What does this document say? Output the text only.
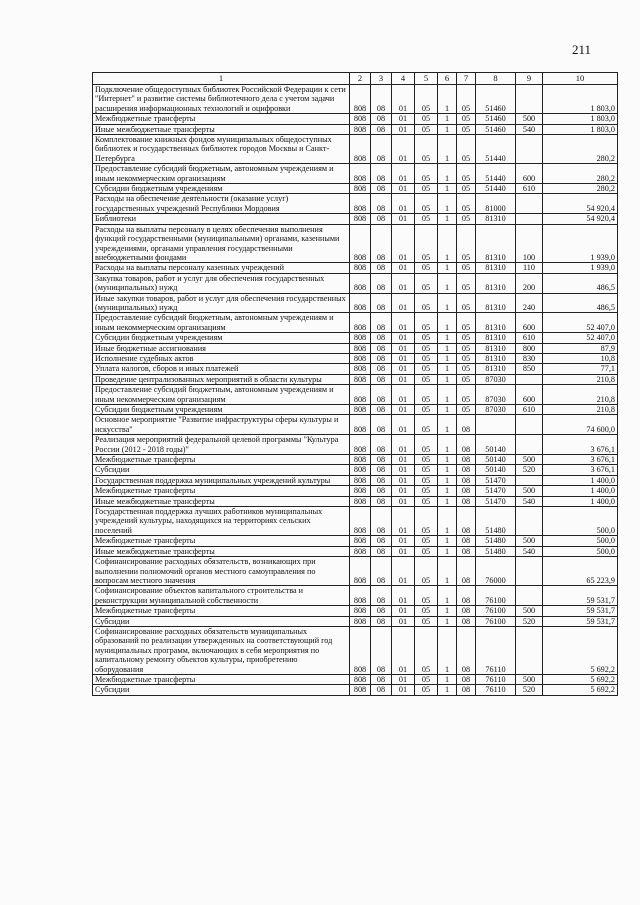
211
1	2	3	4	5	6	7	8	9	10
Подключение общедоступных библиотек Российской Федерации к сети "Интернет" и развитие системы библиотечного дела с учетом задачи расширения информационных технологий и оцифровки	808	08	01	05	1	05	51460		1 803,0
Межбюджетные трансферты	808	08	01	05	1	05	51460	500	1 803,0
Иные межбюджетные трансферты	808	08	01	05	1	05	51460	540	1 803,0
Комплектование книжных фондов муниципальных общедоступных библиотек и государственных библиотек городов Москвы и Санкт-Петербурга	808	08	01	05	1	05	51440		280,2
Предоставление субсидий бюджетным, автономным учреждениям и иным некоммерческим организациям	808	08	01	05	1	05	51440	600	280,2
Субсидии бюджетным учреждениям	808	08	01	05	1	05	51440	610	280,2
Расходы на обеспечение деятельности (оказание услуг) государственных учреждений Республики Мордовия	808	08	01	05	1	05	81000		54 920,4
Библиотеки	808	08	01	05	1	05	81310		54 920,4
Расходы на выплаты персоналу в целях обеспечения выполнения функций государственными (муниципальными) органами, казенными учреждениями, органами управления государственными внебюджетными фондами	808	08	01	05	1	05	81310	100	1 939,0
Расходы на выплаты персоналу казенных учреждений	808	08	01	05	1	05	81310	110	1 939,0
Закупка товаров, работ и услуг для обеспечения государственных (муниципальных) нужд	808	08	01	05	1	05	81310	200	486,5
Иные закупки товаров, работ и услуг для обеспечения государственных (муниципальных) нужд	808	08	01	05	1	05	81310	240	486,5
Предоставление субсидий бюджетным, автономным учреждениям и иным некоммерческим организациям	808	08	01	05	1	05	81310	600	52 407,0
Субсидии бюджетным учреждениям	808	08	01	05	1	05	81310	610	52 407,0
Иные бюджетные ассигнования	808	08	01	05	1	05	81310	800	87,9
Исполнение судебных актов	808	08	01	05	1	05	81310	830	10,8
Уплата налогов, сборов и иных платежей	808	08	01	05	1	05	81310	850	77,1
Проведение централизованных мероприятий в области культуры	808	08	01	05	1	05	87030		210,8
Предоставление субсидий бюджетным, автономным учреждениям и иным некоммерческим организациям	808	08	01	05	1	05	87030	600	210,8
Субсидии бюджетным учреждениям	808	08	01	05	1	05	87030	610	210,8
Основное мероприятие "Развитие инфраструктуры сферы культуры и искусства"	808	08	01	05	1	08			74 600,0
Реализация мероприятий федеральной целевой программы "Культура России (2012 - 2018 годы)"	808	08	01	05	1	08	50140		3 676,1
Межбюджетные трансферты	808	08	01	05	1	08	50140	500	3 676,1
Субсидии	808	08	01	05	1	08	50140	520	3 676,1
Государственная поддержка муниципальных учреждений культуры	808	08	01	05	1	08	51470		1 400,0
Межбюджетные трансферты	808	08	01	05	1	08	51470	500	1 400,0
Иные межбюджетные трансферты	808	08	01	05	1	08	51470	540	1 400,0
Государственная поддержка лучших работников муниципальных учреждений культуры, находящихся на территориях сельских поселений	808	08	01	05	1	08	51480		500,0
Межбюджетные трансферты	808	08	01	05	1	08	51480	500	500,0
Иные межбюджетные трансферты	808	08	01	05	1	08	51480	540	500,0
Софинансирование расходных обязательств, возникающих при выполнении полномочий органов местного самоуправления по вопросам местного значения	808	08	01	05	1	08	76000		65 223,9
Софинансирование объектов капитального строительства и реконструкции муниципальной собственности	808	08	01	05	1	08	76100		59 531,7
Межбюджетные трансферты	808	08	01	05	1	08	76100	500	59 531,7
Субсидии	808	08	01	05	1	08	76100	520	59 531,7
Софинансирование расходных обязательств муниципальных образований по реализации утвержденных на соответствующий год муниципальных программ, включающих в себя мероприятия по капитальному ремонту объектов культуры, приобретению оборудования	808	08	01	05	1	08	76110		5 692,2
Межбюджетные трансферты	808	08	01	05	1	08	76110	500	5 692,2
Субсидии	808	08	01	05	1	08	76110	520	5 692,2
